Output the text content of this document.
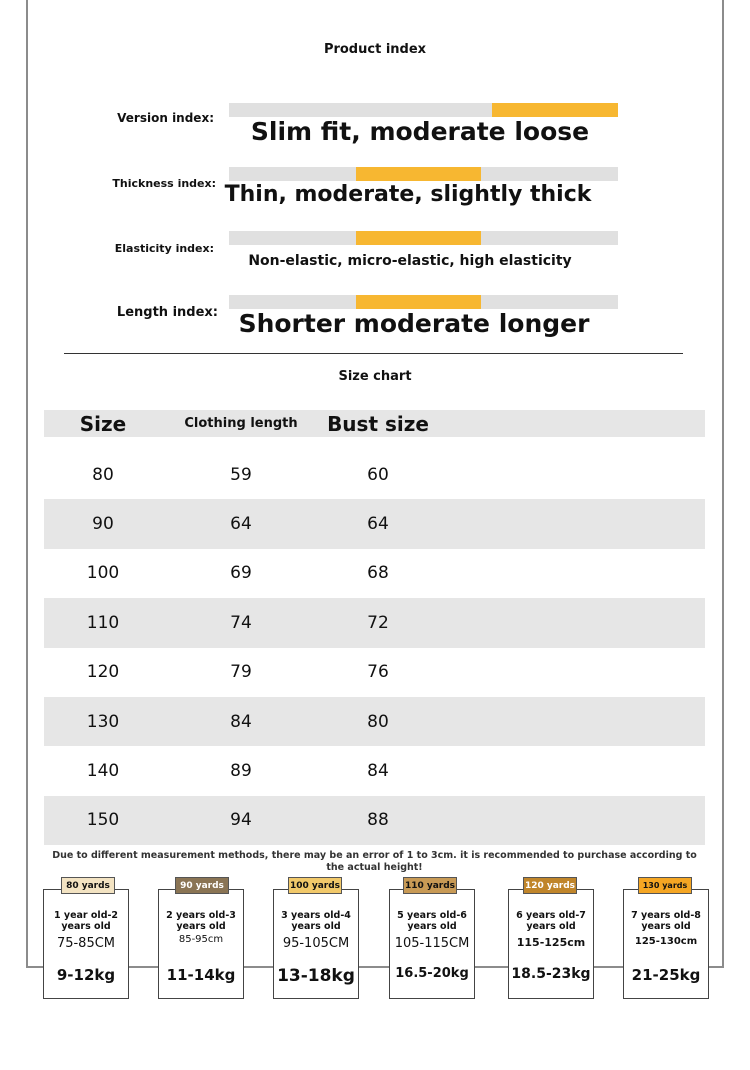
Product index
Version index:	Slim fit, moderate loose
Thickness index: Thin, moderate, slightly thick
Elasticity index:
Non-elastic, micro-elastic, high elasticity
Length index: Shorter moderate longer
Size chart
Size	Clothing length	Bust size
80	59	60
90	64	64
100	69	68
110	74	72
120	79	76
130	84	80
140	89	84
150	94	88
Due to different measurement methods, there may be an error of 1 to 3cm. it is recommended to purchase according to the actual height!
1 year old-2 years old
75-85CM
9-12kg
80 yards
2 years old-3 years old
85-95cm
11-14kg
90 yards
3 years old-4 years old
95-105CM
13-18kg
100 yards
5 years old-6 years old
105-115CM
16.5-20kg
110 yards
6 years old-7 years old
115-125cm
18.5-23kg
120 yards
7 years old-8 years old
125-130cm
21-25kg
130 yards
